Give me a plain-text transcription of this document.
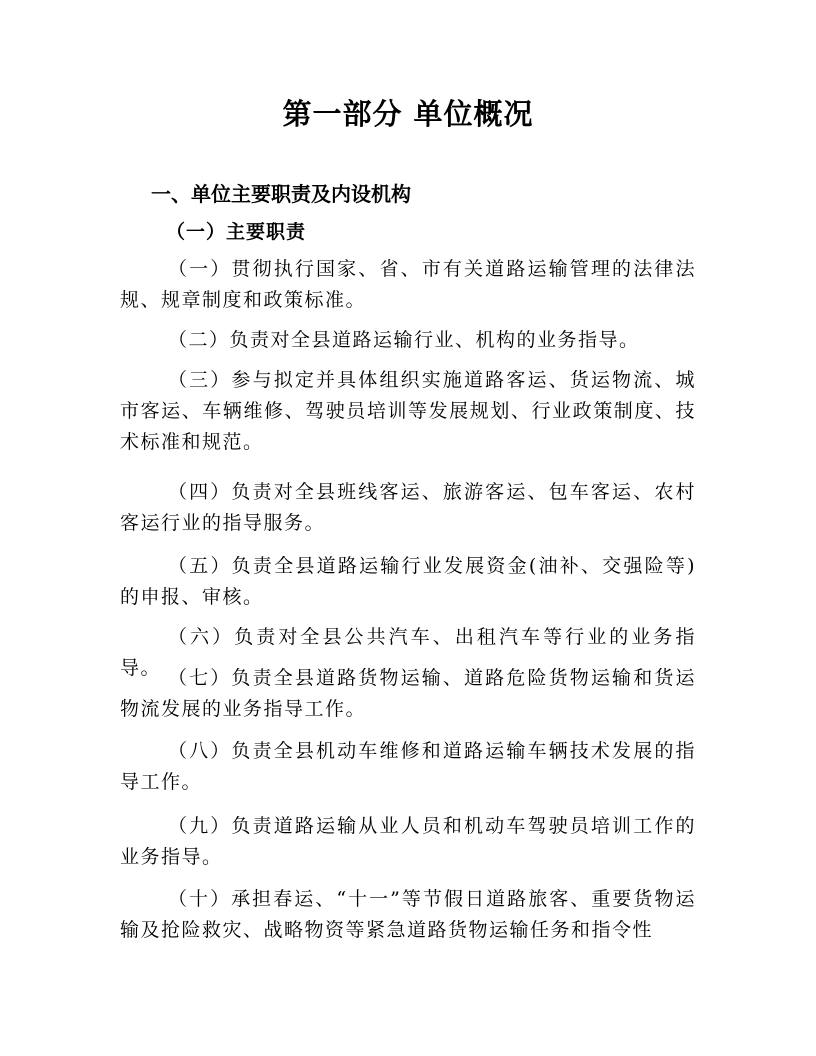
第一部分 单位概况
一、单位主要职责及内设机构
（一）主要职责

（一）贯彻执行国家、省、市有关道路运输管理的法律法规、规章制度和政策标准。

（二）负责对全县道路运输行业、机构的业务指导。

（三）参与拟定并具体组织实施道路客运、货运物流、城市客运、车辆维修、驾驶员培训等发展规划、行业政策制度、技术标准和规范。

（四）负责对全县班线客运、旅游客运、包车客运、农村客运行业的指导服务。

（五）负责全县道路运输行业发展资金(油补、交强险等)的申报、审核。

（六）负责对全县公共汽车、出租汽车等行业的业务指导。 （七）负责全县道路货物运输、道路危险货物运输和货运物流发展的业务指导工作。

（八）负责全县机动车维修和道路运输车辆技术发展的指导工作。

（九）负责道路运输从业人员和机动车驾驶员培训工作的业务指导。

（十）承担春运、“十一”等节假日道路旅客、重要货物运输及抢险救灾、战略物资等紧急道路货物运输任务和指令性
